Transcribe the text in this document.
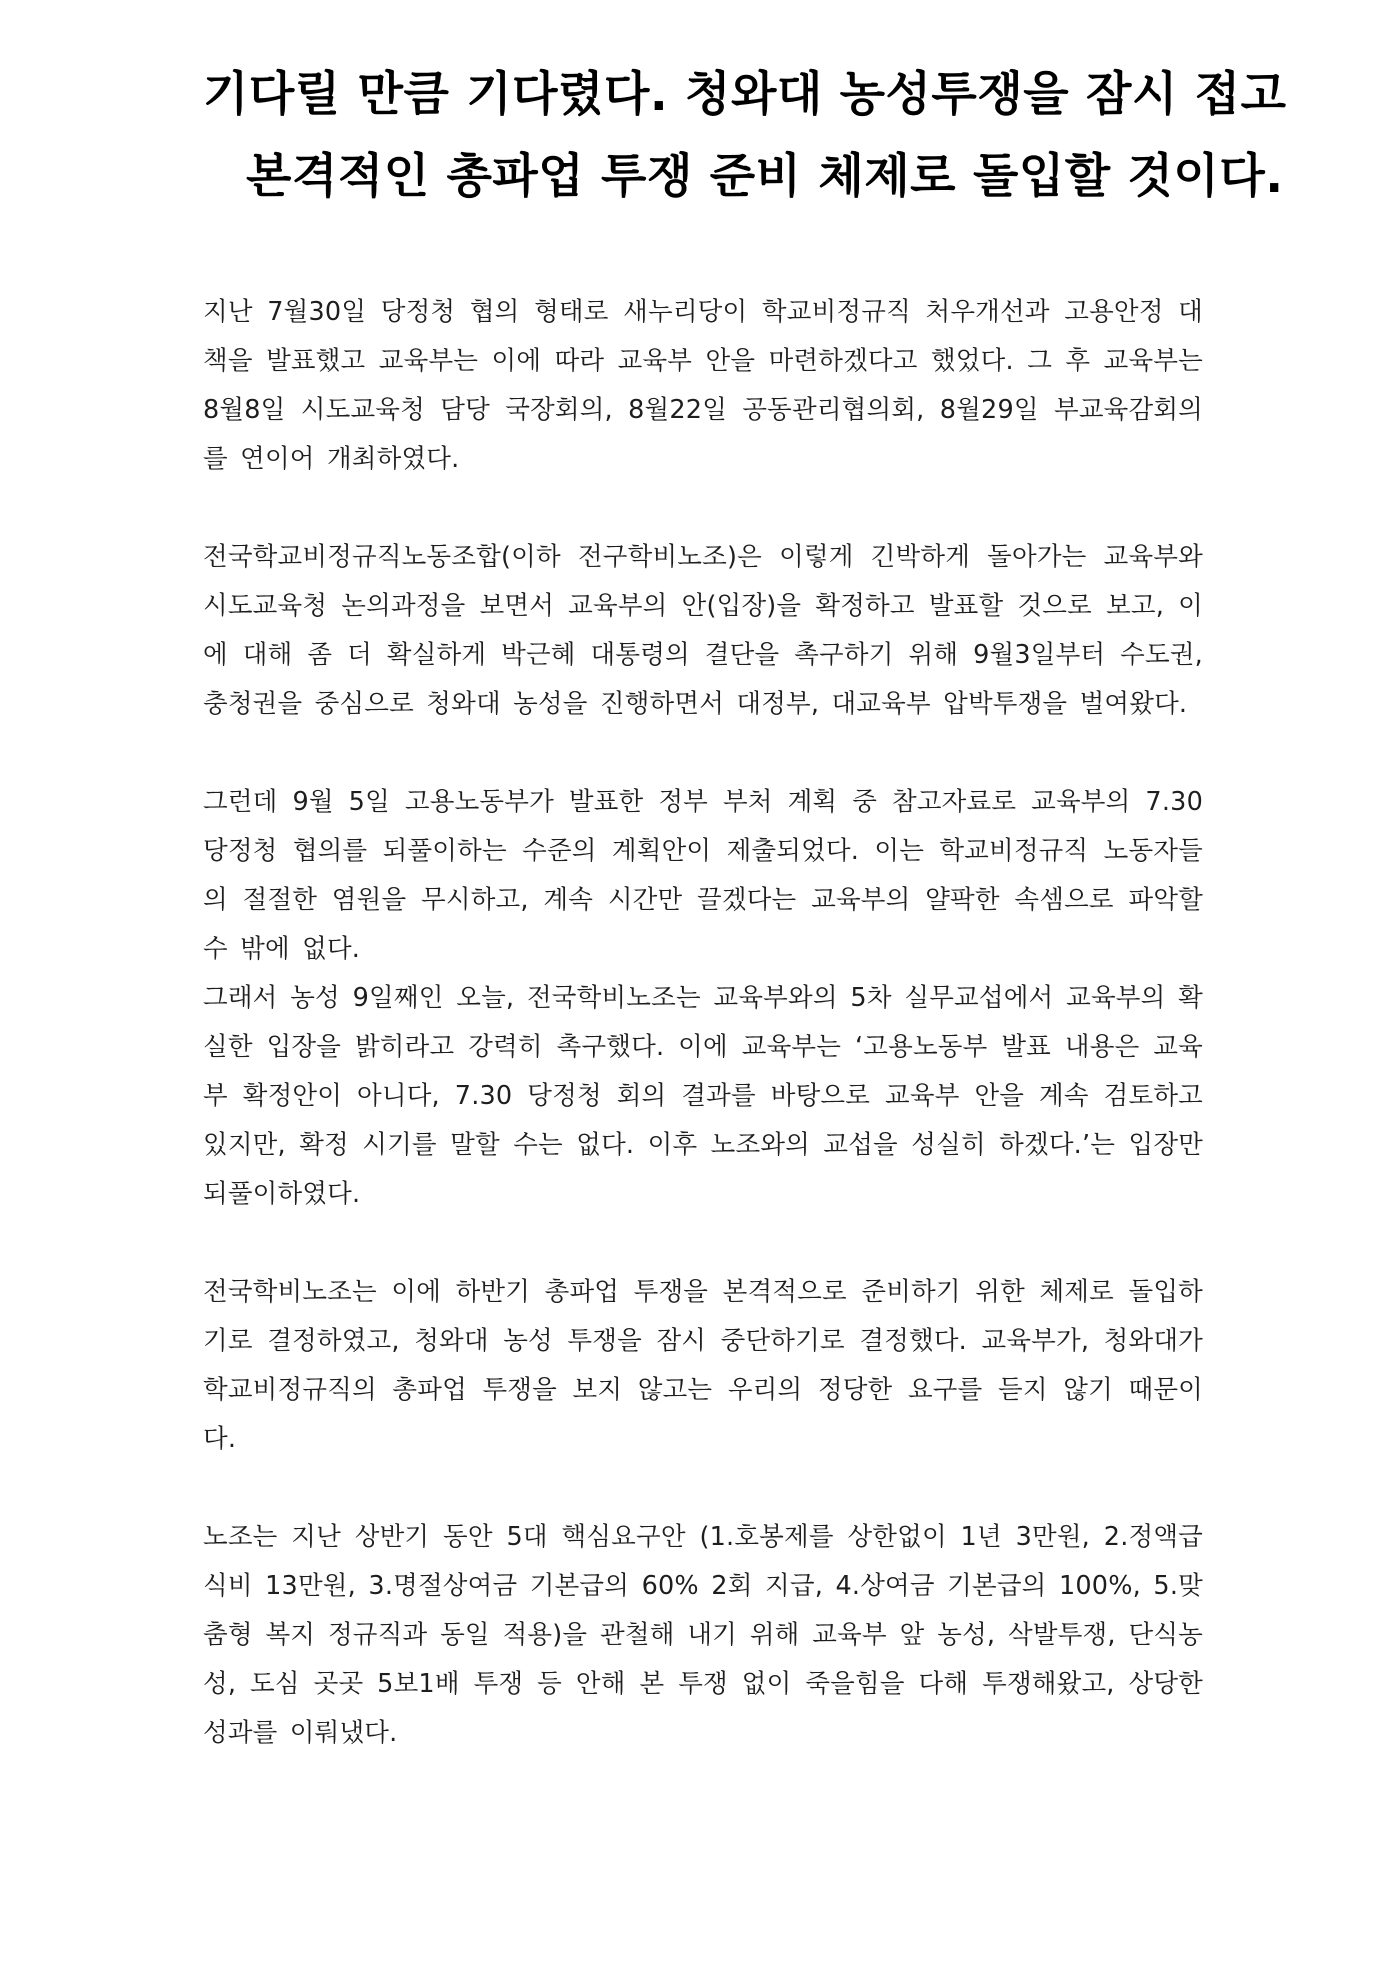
기다릴 만큼 기다렸다. 청와대 농성투쟁을 잠시 접고
본격적인 총파업 투쟁 준비 체제로 돌입할 것이다.

지난 7월30일 당정청 협의 형태로 새누리당이 학교비정규직 처우개선과 고용안정 대책을 발표했고 교육부는 이에 따라 교육부 안을 마련하겠다고 했었다. 그 후 교육부는 8월8일 시도교육청 담당 국장회의, 8월22일 공동관리협의회, 8월29일 부교육감회의를 연이어 개최하였다.

전국학교비정규직노동조합(이하 전구학비노조)은 이렇게 긴박하게 돌아가는 교육부와 시도교육청 논의과정을 보면서 교육부의 안(입장)을 확정하고 발표할 것으로 보고, 이에 대해 좀 더 확실하게 박근혜 대통령의 결단을 촉구하기 위해 9월3일부터 수도권, 충청권을 중심으로 청와대 농성을 진행하면서 대정부, 대교육부 압박투쟁을 벌여왔다.

그런데 9월 5일 고용노동부가 발표한 정부 부처 계획 중 참고자료로 교육부의 7.30 당정청 협의를 되풀이하는 수준의 계획안이 제출되었다. 이는 학교비정규직 노동자들의 절절한 염원을 무시하고, 계속 시간만 끌겠다는 교육부의 얄팍한 속셈으로 파악할 수 밖에 없다.

그래서 농성 9일째인 오늘, 전국학비노조는 교육부와의 5차 실무교섭에서 교육부의 확실한 입장을 밝히라고 강력히 촉구했다. 이에 교육부는 ‘고용노동부 발표 내용은 교육부 확정안이 아니다, 7.30 당정청 회의 결과를 바탕으로 교육부 안을 계속 검토하고 있지만, 확정 시기를 말할 수는 없다. 이후 노조와의 교섭을 성실히 하겠다.’는 입장만 되풀이하였다.

전국학비노조는 이에 하반기 총파업 투쟁을 본격적으로 준비하기 위한 체제로 돌입하기로 결정하였고, 청와대 농성 투쟁을 잠시 중단하기로 결정했다. 교육부가, 청와대가 학교비정규직의 총파업 투쟁을 보지 않고는 우리의 정당한 요구를 듣지 않기 때문이다.

노조는 지난 상반기 동안 5대 핵심요구안 (1.호봉제를 상한없이 1년 3만원, 2.정액급식비 13만원, 3.명절상여금 기본급의 60% 2회 지급, 4.상여금 기본급의 100%, 5.맞춤형 복지 정규직과 동일 적용)을 관철해 내기 위해 교육부 앞 농성, 삭발투쟁, 단식농성, 도심 곳곳 5보1배 투쟁 등 안해 본 투쟁 없이 죽을힘을 다해 투쟁해왔고, 상당한 성과를 이뤄냈다.
